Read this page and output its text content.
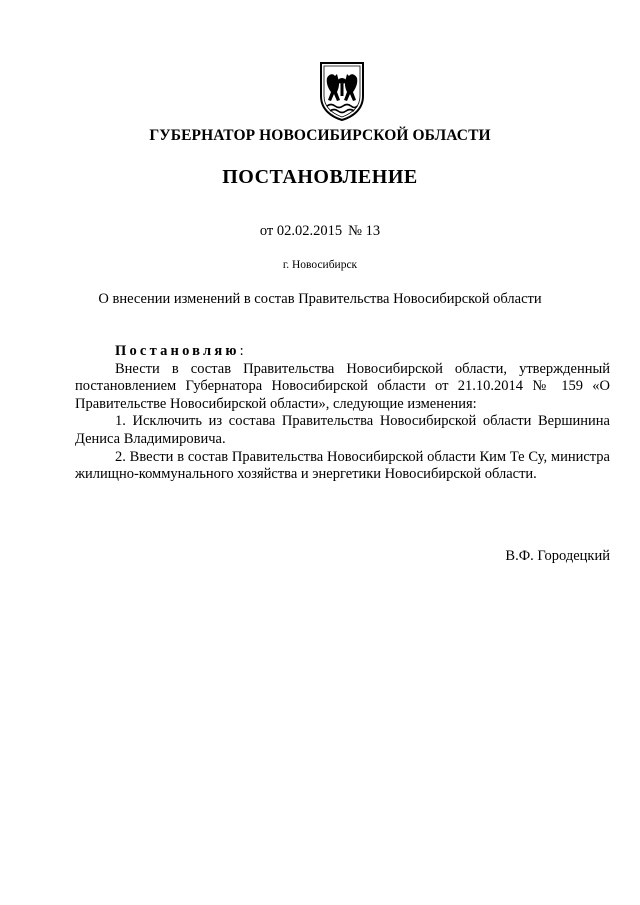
ГУБЕРНАТОР НОВОСИБИРСКОЙ ОБЛАСТИ
ПОСТАНОВЛЕНИЕ
от 02.02.2015 № 13
г. Новосибирск
О внесении изменений в состав Правительства Новосибирской области

Постановляю:

Внести в состав Правительства Новосибирской области, утвержденный постановлением Губернатора Новосибирской области от 21.10.2014 № 159 «О Правительстве Новосибирской области», следующие изменения:

1. Исключить из состава Правительства Новосибирской области Вершинина Дениса Владимировича.

2. Ввести в состав Правительства Новосибирской области Ким Те Су, министра жилищно-коммунального хозяйства и энергетики Новосибирской области.

В.Ф. Городецкий
